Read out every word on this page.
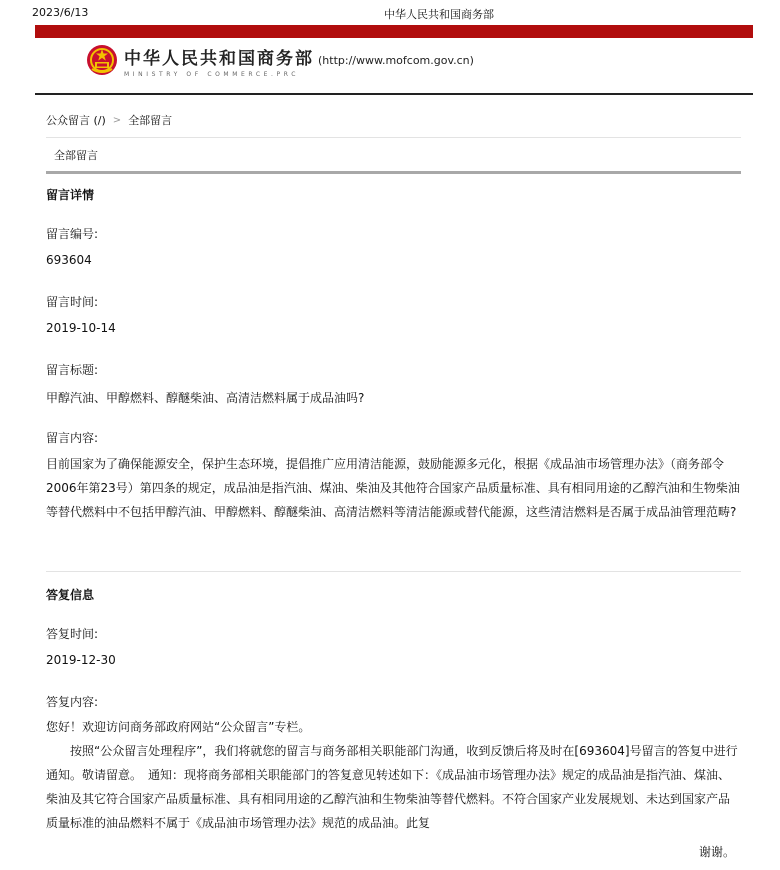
2023/6/13	中华人民共和国商务部
中华人民共和国商务部 (http://www.mofcom.gov.cn)
MINISTRY OF COMMERCE.PRC
公众留言 (/) > 全部留言
全部留言
留言详情
留言编号:
693604
留言时间:
2019-10-14
留言标题:
甲醇汽油、甲醇燃料、醇醚柴油、高清洁燃料属于成品油吗?
留言内容:
目前国家为了确保能源安全，保护生态环境，提倡推广应用清洁能源，鼓励能源多元化，根据《成品油市场管理办法》（商务部令2006年第23号）第四条的规定，成品油是指汽油、煤油、柴油及其他符合国家产品质量标准、具有相同用途的乙醇汽油和生物柴油等替代燃料中不包括甲醇汽油、甲醇燃料、醇醚柴油、高清洁燃料等清洁能源或替代能源，这些清洁燃料是否属于成品油管理范畴?
答复信息
答复时间:
2019-12-30
答复内容:
您好！欢迎访问商务部政府网站“公众留言”专栏。
按照“公众留言处理程序”，我们将就您的留言与商务部相关职能部门沟通，收到反馈后将及时在[693604]号留言的答复中进行通知。敬请留意。　通知：现将商务部相关职能部门的答复意见转述如下：《成品油市场管理办法》规定的成品油是指汽油、煤油、柴油及其它符合国家产品质量标准、具有相同用途的乙醇汽油和生物柴油等替代燃料。不符合国家产业发展规划、未达到国家产品质量标准的油品燃料不属于《成品油市场管理办法》规范的成品油。此复
谢谢。
